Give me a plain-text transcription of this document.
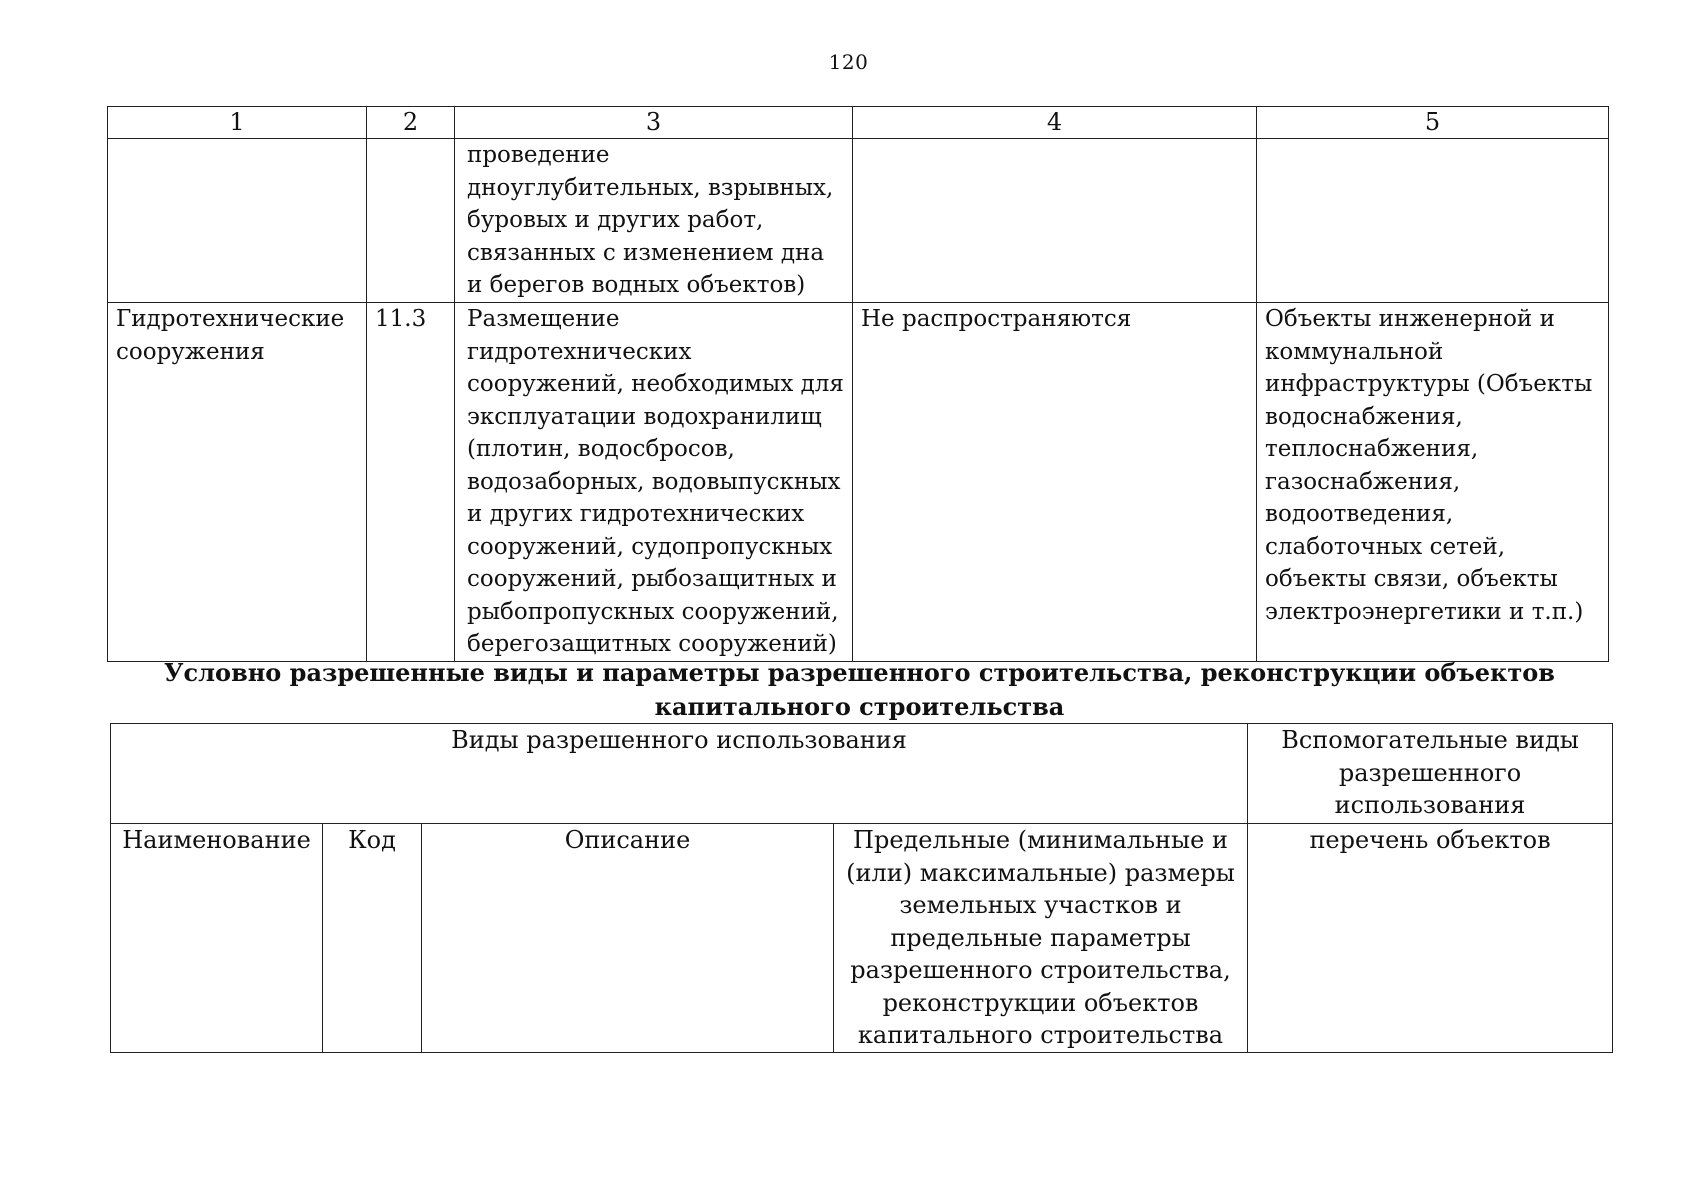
120
1	2	3	4	5
		проведение дноуглубительных, взрывных, буровых и других работ, связанных с изменением дна и берегов водных объектов)		
Гидротехнические сооружения	11.3	Размещение гидротехнических сооружений, необходимых для эксплуатации водохранилищ (плотин, водосбросов, водозаборных, водовыпускных и других гидротехнических сооружений, судопропускных сооружений, рыбозащитных и рыбопропускных сооружений, берегозащитных сооружений)	Не распространяются	Объекты инженерной и коммунальной инфраструктуры (Объекты водоснабжения, теплоснабжения, газоснабжения, водоотведения, слаботочных сетей, объекты связи, объекты электроэнергетики и т.п.)
Условно разрешенные виды и параметры разрешенного строительства, реконструкции объектов капитального строительства
Виды разрешенного использования				Вспомогательные виды разрешенного использования
Наименование	Код	Описание	Предельные (минимальные и (или) максимальные) размеры земельных участков и предельные параметры разрешенного строительства, реконструкции объектов капитального строительства	перечень объектов
